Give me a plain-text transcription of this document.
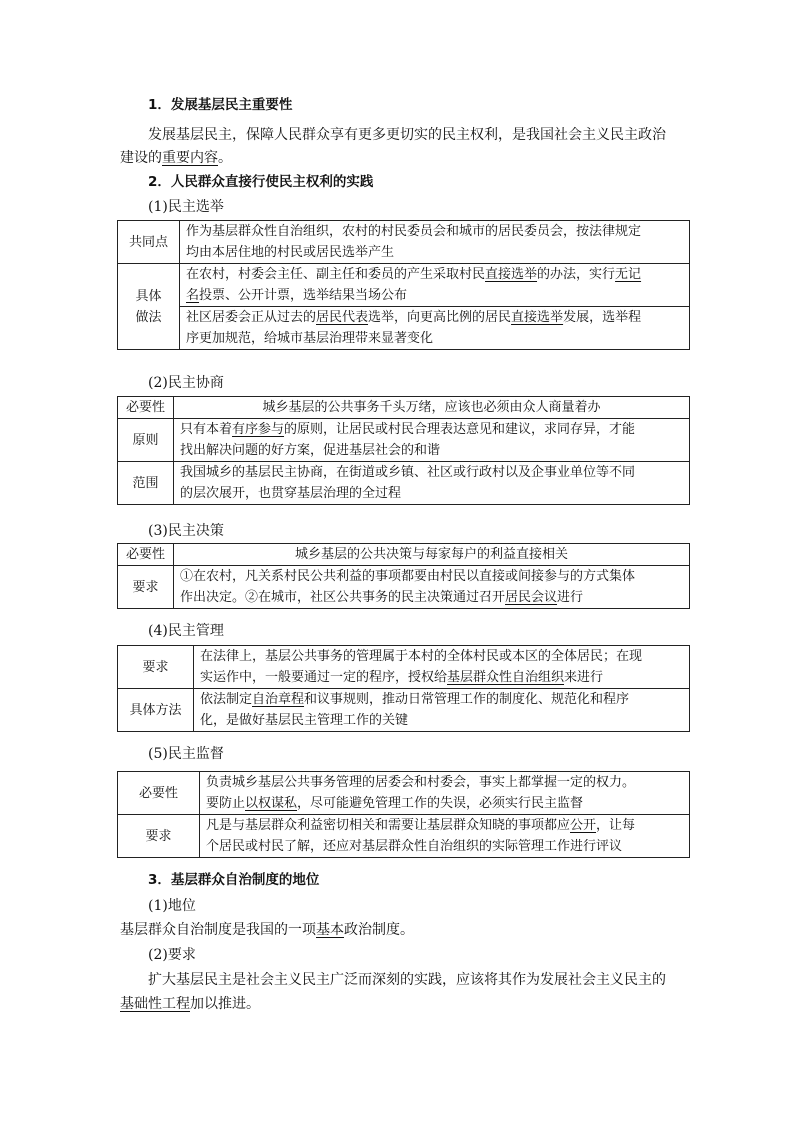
1．发展基层民主重要性
发展基层民主，保障人民群众享有更多更切实的民主权利，是我国社会主义民主政治
建设的重要内容。
2．人民群众直接行使民主权利的实践
(1)民主选举
共同点	作为基层群众性自治组织，农村的村民委员会和城市的居民委员会，按法律规定
均由本居住地的村民或居民选举产生

具体
做法	在农村，村委会主任、副主任和委员的产生采取村民直接选举的办法，实行无记
名投票、公开计票，选举结果当场公布

	社区居委会正从过去的居民代表选举，向更高比例的居民直接选举发展，选举程
序更加规范，给城市基层治理带来显著变化
(2)民主协商
必要性	城乡基层的公共事务千头万绪，应该也必须由众人商量着办
原则	只有本着有序参与的原则，让居民或村民合理表达意见和建议，求同存异，才能
找出解决问题的好方案，促进基层社会的和谐

范围	我国城乡的基层民主协商，在街道或乡镇、社区或行政村以及企事业单位等不同
的层次展开，也贯穿基层治理的全过程
(3)民主决策
必要性	城乡基层的公共决策与每家每户的利益直接相关
要求	①在农村，凡关系村民公共利益的事项都要由村民以直接或间接参与的方式集体
作出决定。②在城市，社区公共事务的民主决策通过召开居民会议进行
(4)民主管理
要求	在法律上，基层公共事务的管理属于本村的全体村民或本区的全体居民；在现
实运作中，一般要通过一定的程序，授权给基层群众性自治组织来进行

具体方法	依法制定自治章程和议事规则，推动日常管理工作的制度化、规范化和程序
化，是做好基层民主管理工作的关键
(5)民主监督
必要性	负责城乡基层公共事务管理的居委会和村委会，事实上都掌握一定的权力。
要防止以权谋私，尽可能避免管理工作的失误，必须实行民主监督

要求	凡是与基层群众利益密切相关和需要让基层群众知晓的事项都应公开，让每
个居民或村民了解，还应对基层群众性自治组织的实际管理工作进行评议
3．基层群众自治制度的地位
(1)地位
基层群众自治制度是我国的一项基本政治制度。
(2)要求
扩大基层民主是社会主义民主广泛而深刻的实践，应该将其作为发展社会主义民主的
基础性工程加以推进。
